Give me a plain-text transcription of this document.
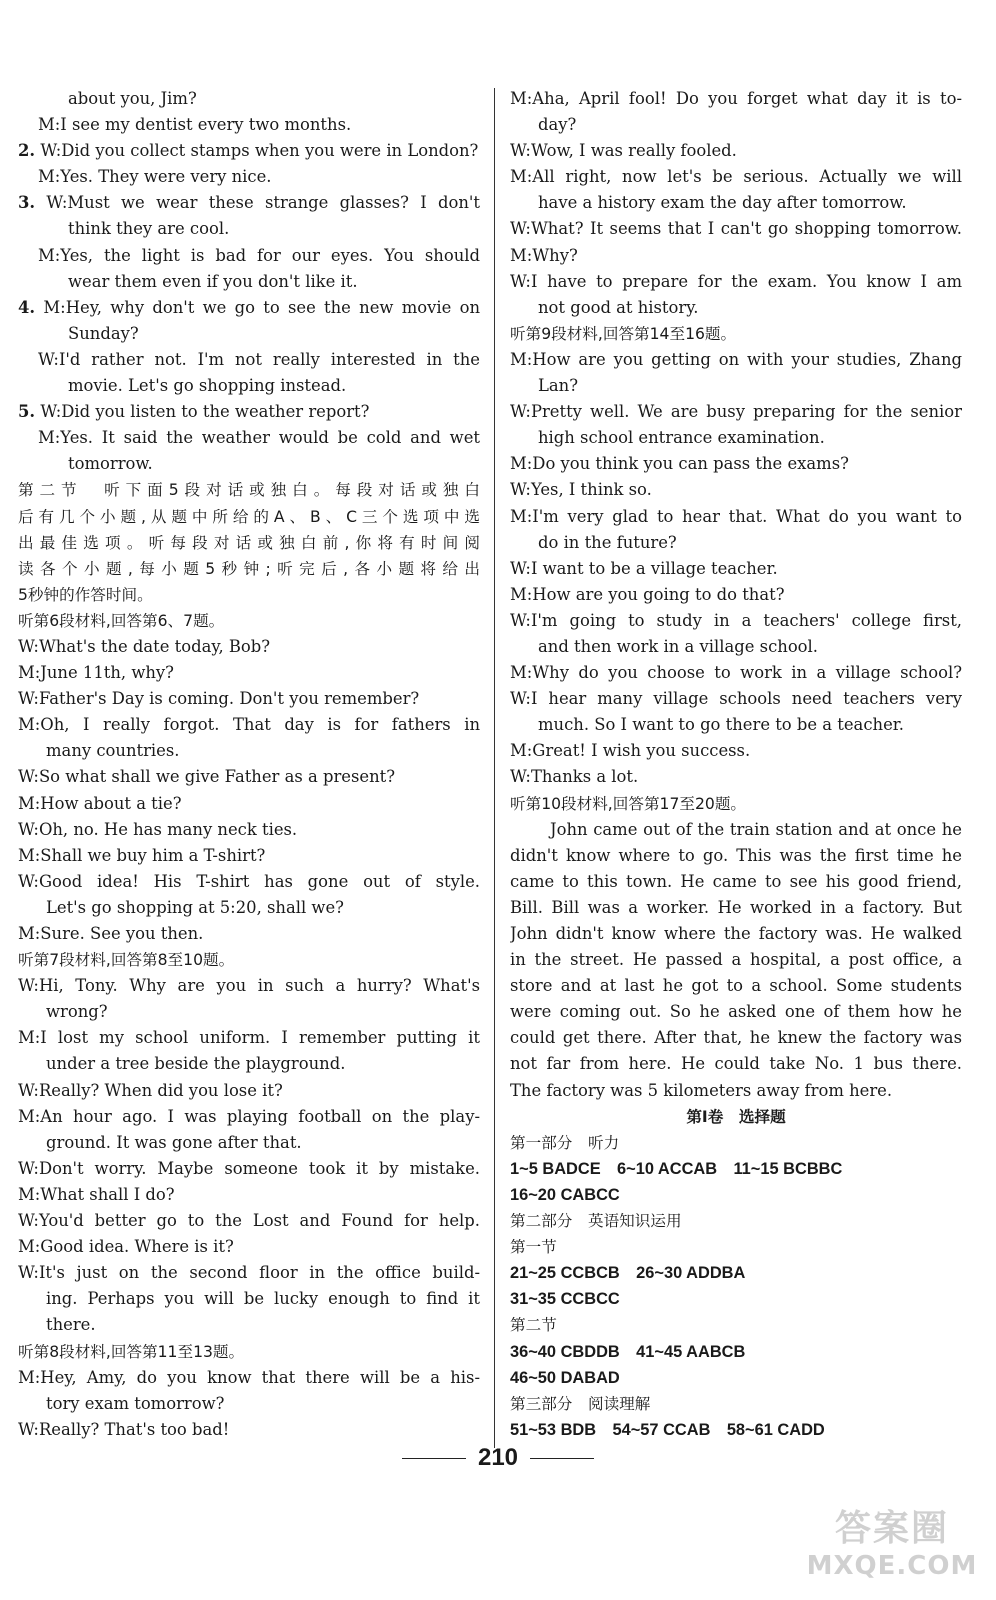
about you, Jim?
M:I see my dentist every two months.
2. W:Did you collect stamps when you were in London?
M:Yes. They were very nice.
3. W:Must we wear these strange glasses? I don't
think they are cool.
M:Yes, the light is bad for our eyes. You should
wear them even if you don't like it.
4. M:Hey, why don't we go to see the new movie on
Sunday?
W:I'd rather not. I'm not really interested in the
movie. Let's go shopping instead.
5. W:Did you listen to the weather report?
M:Yes. It said the weather would be cold and wet
tomorrow.
第二节　听下面5段对话或独白。每段对话或独白
后有几个小题,从题中所给的A、B、C三个选项中选
出最佳选项。听每段对话或独白前,你将有时间阅
读各个小题,每小题5秒钟;听完后,各小题将给出
5秒钟的作答时间。
听第6段材料,回答第6、7题。
W:What's the date today, Bob?
M:June 11th, why?
W:Father's Day is coming. Don't you remember?
M:Oh, I really forgot. That day is for fathers in
many countries.
W:So what shall we give Father as a present?
M:How about a tie?
W:Oh, no. He has many neck ties.
M:Shall we buy him a T-shirt?
W:Good idea! His T-shirt has gone out of style.
Let's go shopping at 5:20, shall we?
M:Sure. See you then.
听第7段材料,回答第8至10题。
W:Hi, Tony. Why are you in such a hurry? What's
wrong?
M:I lost my school uniform. I remember putting it
under a tree beside the playground.
W:Really? When did you lose it?
M:An hour ago. I was playing football on the play-
ground. It was gone after that.
W:Don't worry. Maybe someone took it by mistake.
M:What shall I do?
W:You'd better go to the Lost and Found for help.
M:Good idea. Where is it?
W:It's just on the second floor in the office build-
ing. Perhaps you will be lucky enough to find it
there.
听第8段材料,回答第11至13题。
M:Hey, Amy, do you know that there will be a his-
tory exam tomorrow?
W:Really? That's too bad!
M:Aha, April fool! Do you forget what day it is to-
day?
W:Wow, I was really fooled.
M:All right, now let's be serious. Actually we will
have a history exam the day after tomorrow.
W:What? It seems that I can't go shopping tomorrow.
M:Why?
W:I have to prepare for the exam. You know I am
not good at history.
听第9段材料,回答第14至16题。
M:How are you getting on with your studies, Zhang
Lan?
W:Pretty well. We are busy preparing for the senior
high school entrance examination.
M:Do you think you can pass the exams?
W:Yes, I think so.
M:I'm very glad to hear that. What do you want to
do in the future?
W:I want to be a village teacher.
M:How are you going to do that?
W:I'm going to study in a teachers' college first,
and then work in a village school.
M:Why do you choose to work in a village school?
W:I hear many village schools need teachers very
much. So I want to go there to be a teacher.
M:Great! I wish you success.
W:Thanks a lot.
听第10段材料,回答第17至20题。
John came out of the train station and at once he
didn't know where to go. This was the first time he
came to this town. He came to see his good friend,
Bill. Bill was a worker. He worked in a factory. But
John didn't know where the factory was. He walked
in the street. He passed a hospital, a post office, a
store and at last he got to a school. Some students
were coming out. So he asked one of them how he
could get there. After that, he knew the factory was
not far from here. He could take No. 1 bus there.
The factory was 5 kilometers away from here.
第Ⅰ卷　选择题
第一部分　听力
1~5 BADCE　6~10 ACCAB　11~15 BCBBC
16~20 CABCC
第二部分　英语知识运用
第一节
21~25 CCBCB　26~30 ADDBA
31~35 CCBCC
第二节
36~40 CBDDB　41~45 AABCB
46~50 DABAD
第三部分　阅读理解
51~53 BDB　54~57 CCAB　58~61 CADD
210
答案圈
MXQE.COM
